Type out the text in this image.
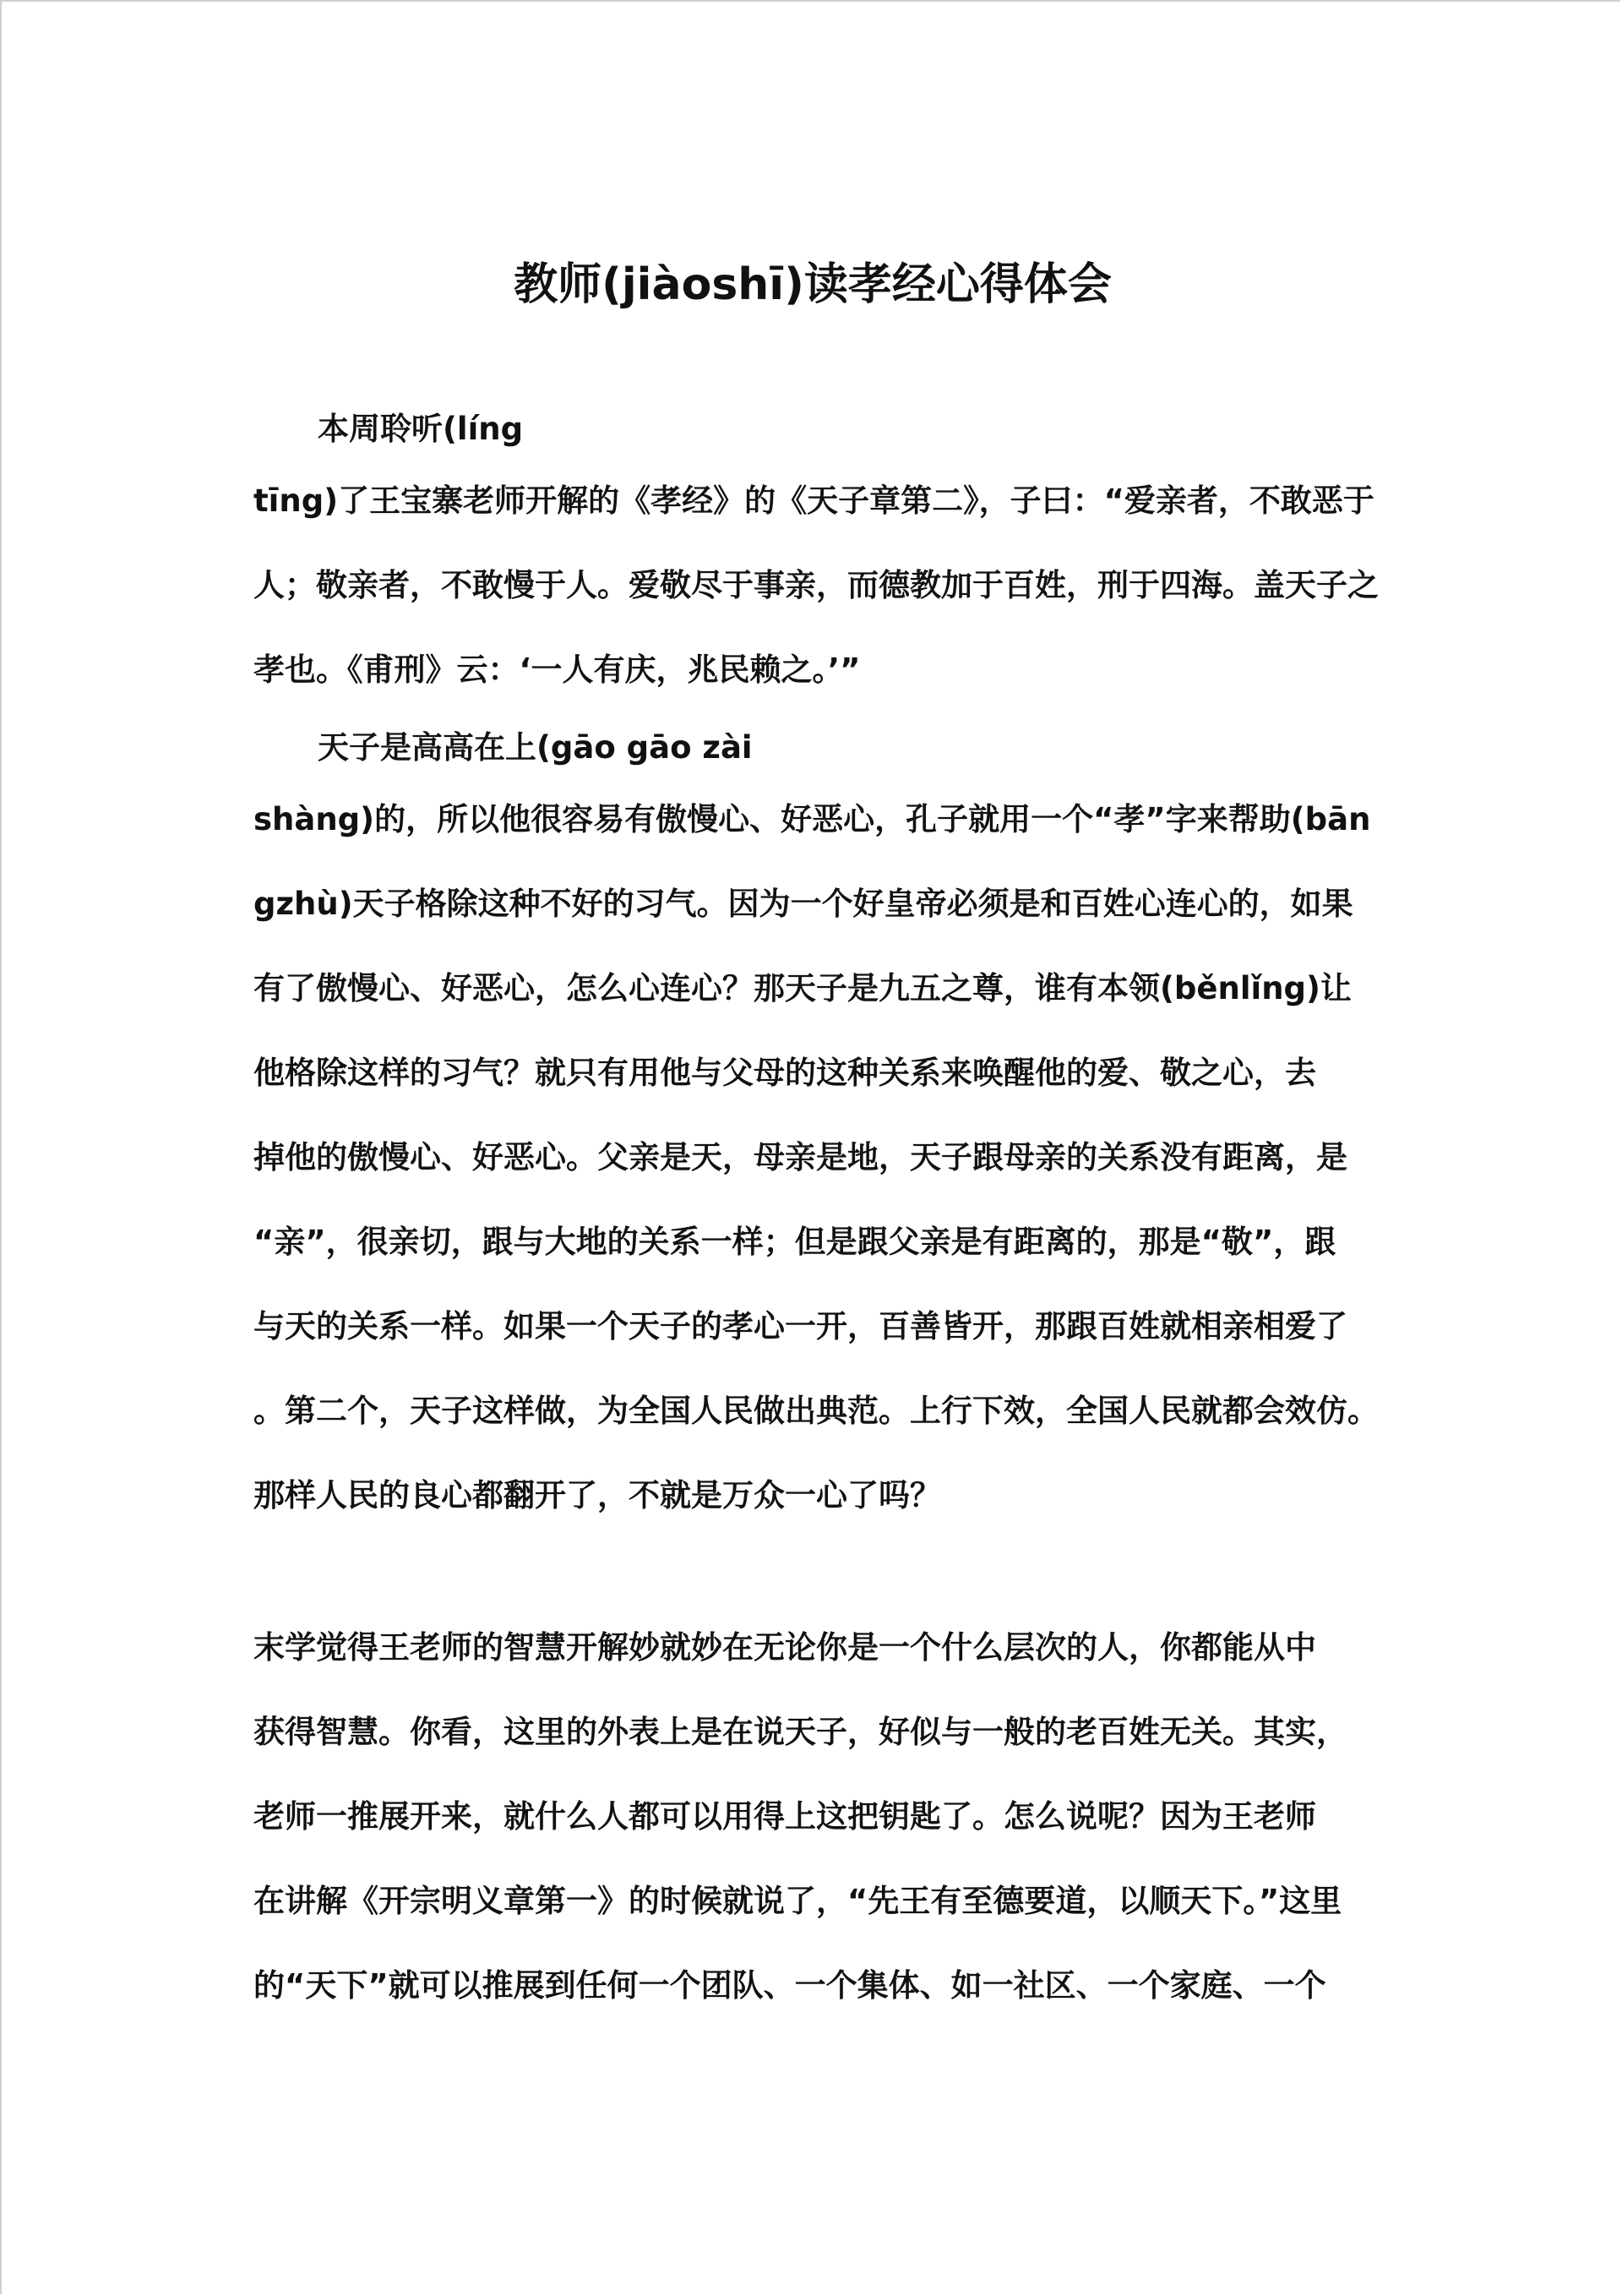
教师(jiàoshī)读孝经心得体会
本周聆听(líng
tīng)了王宝寨老师开解的《孝经》的《天子章第二》，子曰：“爱亲者，不敢恶于
人；敬亲者，不敢慢于人。爱敬尽于事亲，而德教加于百姓，刑于四海。盖天子之
孝也。《甫刑》云：‘一人有庆，兆民赖之。’”
天子是高高在上(gāo gāo zài
shàng)的，所以他很容易有傲慢心、好恶心，孔子就用一个“孝”字来帮助(bān
gzhù)天子格除这种不好的习气。因为一个好皇帝必须是和百姓心连心的，如果
有了傲慢心、好恶心，怎么心连心？那天子是九五之尊，谁有本领(běnlǐng)让
他格除这样的习气？就只有用他与父母的这种关系来唤醒他的爱、敬之心，去
掉他的傲慢心、好恶心。父亲是天，母亲是地，天子跟母亲的关系没有距离，是
“亲”，很亲切，跟与大地的关系一样；但是跟父亲是有距离的，那是“敬”，跟
与天的关系一样。如果一个天子的孝心一开，百善皆开，那跟百姓就相亲相爱了
。第二个，天子这样做，为全国人民做出典范。上行下效，全国人民就都会效仿。
那样人民的良心都翻开了，不就是万众一心了吗？
末学觉得王老师的智慧开解妙就妙在无论你是一个什么层次的人，你都能从中
获得智慧。你看，这里的外表上是在说天子，好似与一般的老百姓无关。其实，
老师一推展开来，就什么人都可以用得上这把钥匙了。怎么说呢？因为王老师
在讲解《开宗明义章第一》的时候就说了，“先王有至德要道，以顺天下。”这里
的“天下”就可以推展到任何一个团队、一个集体、如一社区、一个家庭、一个
